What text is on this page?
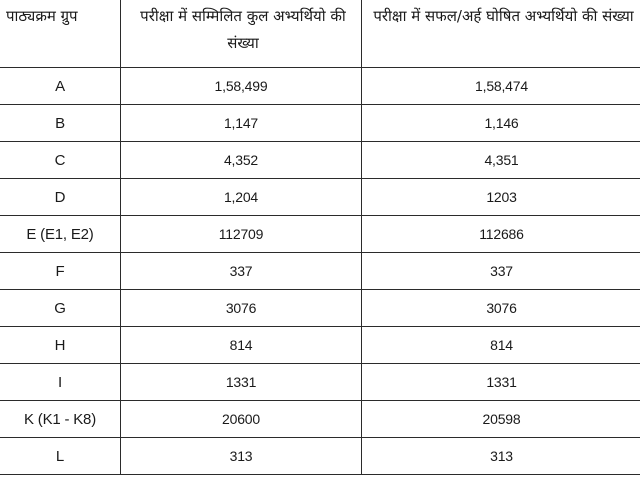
पाठ्यक्रम ग्रुप	परीक्षा में सम्मिलित कुल अभ्यर्थियो की संख्या	परीक्षा में सफल/अर्ह घोषित अभ्यर्थियो की संख्या
A	1,58,499	1,58,474
B	1,147	1,146
C	4,352	4,351
D	1,204	1203
E (E1, E2)	112709	112686
F	337	337
G	3076	3076
H	814	814
I	1331	1331
K (K1 - K8)	20600	20598
L	313	313
